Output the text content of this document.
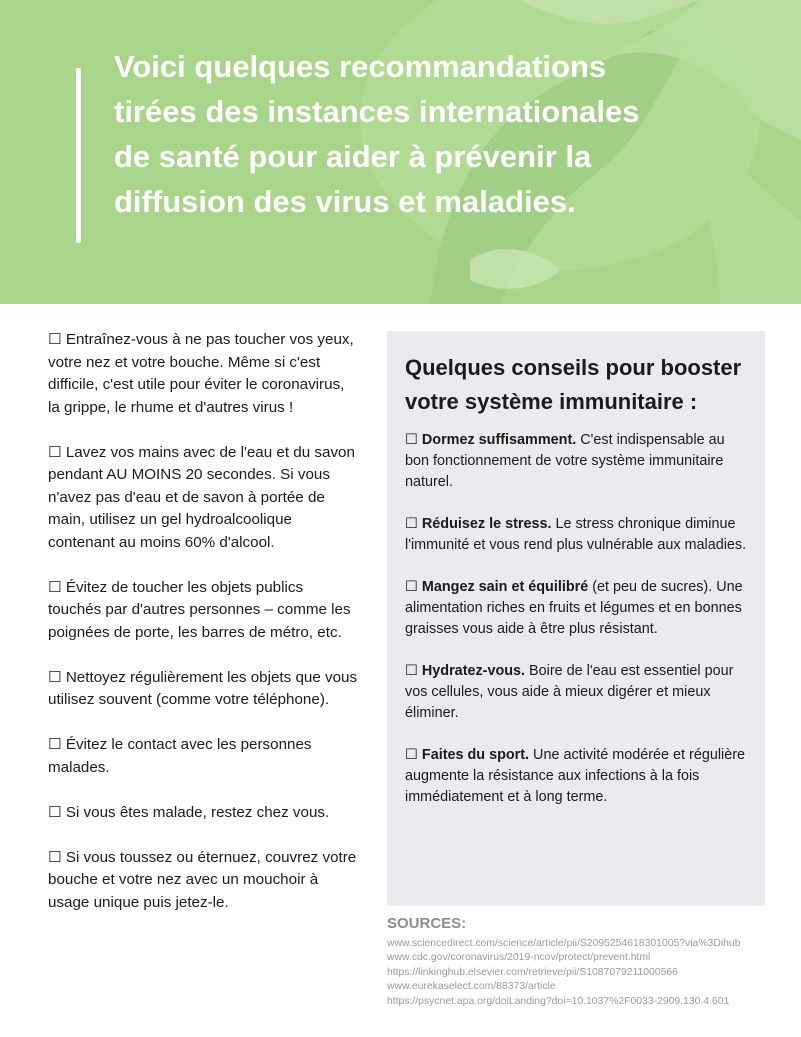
Voici quelques recommandations tirées des instances internationales de santé pour aider à prévenir la diffusion des virus et maladies.

☐ Entraînez-vous à ne pas toucher vos yeux, votre nez et votre bouche. Même si c'est difficile, c'est utile pour éviter le coronavirus, la grippe, le rhume et d'autres virus !

☐ Lavez vos mains avec de l'eau et du savon pendant AU MOINS 20 secondes. Si vous n'avez pas d'eau et de savon à portée de main, utilisez un gel hydroalcoolique contenant au moins 60% d'alcool.

☐ Évitez de toucher les objets publics touchés par d'autres personnes – comme les poignées de porte, les barres de métro, etc.

☐ Nettoyez régulièrement les objets que vous utilisez souvent (comme votre téléphone).

☐ Évitez le contact avec les personnes malades.

☐ Si vous êtes malade, restez chez vous.

☐ Si vous toussez ou éternuez, couvrez votre bouche et votre nez avec un mouchoir à usage unique puis jetez-le.

Quelques conseils pour booster votre système immunitaire :

☐ Dormez suffisamment. C'est indispensable au bon fonctionnement de votre système immunitaire naturel.

☐ Réduisez le stress. Le stress chronique diminue l'immunité et vous rend plus vulnérable aux maladies.

☐ Mangez sain et équilibré (et peu de sucres). Une alimentation riches en fruits et légumes et en bonnes graisses vous aide à être plus résistant.

☐ Hydratez-vous. Boire de l'eau est essentiel pour vos cellules, vous aide à mieux digérer et mieux éliminer.

☐ Faites du sport. Une activité modérée et régulière augmente la résistance aux infections à la fois immédiatement et à long terme.

SOURCES:
www.sciencedirect.com/science/article/pii/S2095254618301005?via%3Dihub
www.cdc.gov/coronavirus/2019-ncov/protect/prevent.html
https://linkinghub.elsevier.com/retrieve/pii/S1087079211000566
www.eurekaselect.com/88373/article
https://psycnet.apa.org/doiLanding?doi=10.1037%2F0033-2909.130.4.601
